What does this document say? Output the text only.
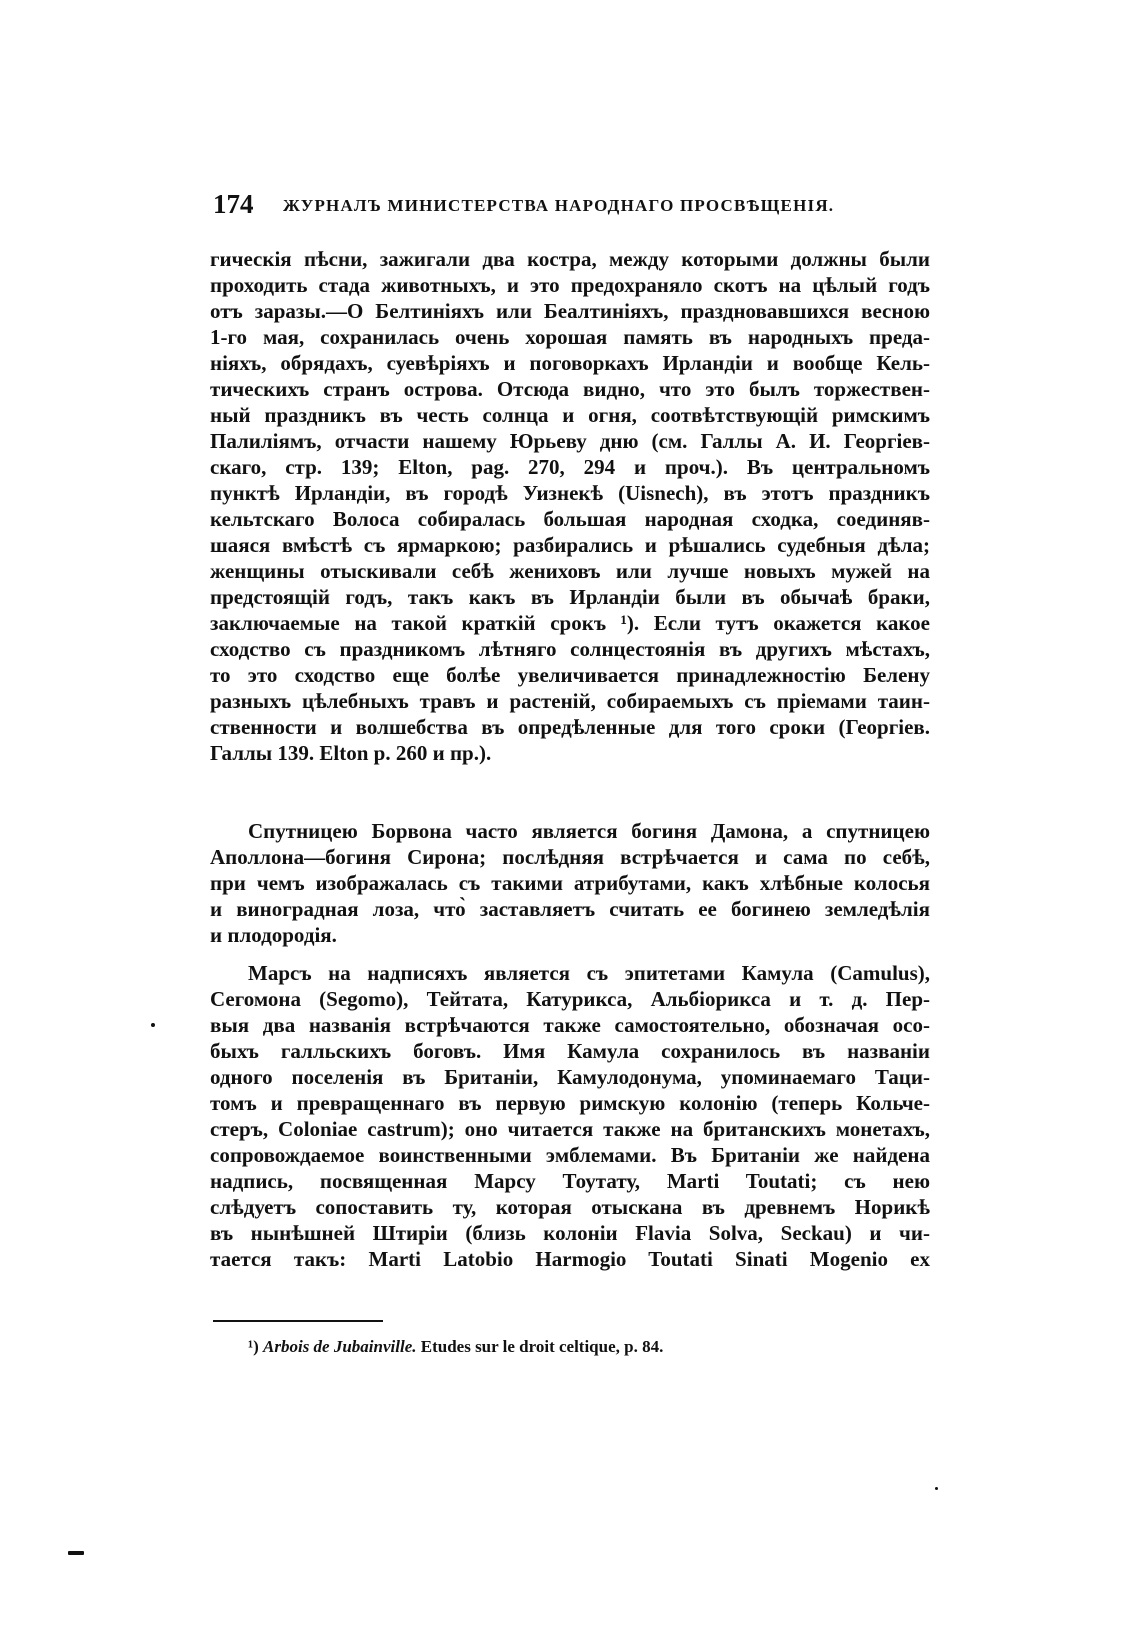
174 ЖУРНАЛЪ МИНИСТЕРСТВА НАРОДНАГО ПРОСВѢЩЕНІЯ.
гическія пѣсни, зажигали два костра, между которыми должны были
проходить стада животныхъ, и это предохраняло скотъ на цѣлый годъ
отъ заразы.—О Белтиніяхъ или Беалтиніяхъ, праздновавшихся весною
1-го мая, сохранилась очень хорошая память въ народныхъ преда-
ніяхъ, обрядахъ, суевѣріяхъ и поговоркахъ Ирландіи и вообще Кель-
тическихъ странъ острова. Отсюда видно, что это былъ торжествен-
ный праздникъ въ честь солнца и огня, соотвѣтствующій римскимъ
Палиліямъ, отчасти нашему Юрьеву дню (см. Галлы А. И. Георгіев-
скаго, стр. 139; Elton, pag. 270, 294 и проч.). Въ центральномъ
пунктѣ Ирландіи, въ городѣ Уизнекѣ (Uisnech), въ этотъ праздникъ
кельтскаго Волоса собиралась большая народная сходка, соединяв-
шаяся вмѣстѣ съ ярмаркою; разбирались и рѣшались судебныя дѣла;
женщины отыскивали себѣ жениховъ или лучше новыхъ мужей на
предстоящій годъ, такъ какъ въ Ирландіи были въ обычаѣ браки,
заключаемые на такой краткій срокъ ¹). Если тутъ окажется какое
сходство съ праздникомъ лѣтняго солнцестоянія въ другихъ мѣстахъ,
то это сходство еще болѣе увеличивается принадлежностію Белену
разныхъ цѣлебныхъ травъ и растеній, собираемыхъ съ пріемами таин-
ственности и волшебства въ опредѣленные для того сроки (Георгіев.
Галлы 139. Elton p. 260 и пр.).
Спутницею Борвона часто является богиня Дамона, а спутницею
Аполлона—богиня Сирона; послѣдняя встрѣчается и сама по себѣ,
при чемъ изображалась съ такими атрибутами, какъ хлѣбные колосья
и виноградная лоза, что̀ заставляетъ считать ее богинею земледѣлія
и плодородія.
Марсъ на надписяхъ является съ эпитетами Камула (Camulus),
Сегомона (Segomo), Тейтата, Катурикса, Альбіорикса и т. д. Пер-
выя два названія встрѣчаются также самостоятельно, обозначая осо-
быхъ галльскихъ боговъ. Имя Камула сохранилось въ названіи
одного поселенія въ Британіи, Камулодонума, упоминаемаго Таци-
томъ и превращеннаго въ первую римскую колонію (теперь Кольче-
стеръ, Coloniae castrum); оно читается также на британскихъ монетахъ,
сопровождаемое воинственными эмблемами. Въ Британіи же найдена
надпись, посвященная Марсу Тоутату, Marti Toutati; съ нею
слѣдуетъ сопоставить ту, которая отыскана въ древнемъ Норикѣ
въ нынѣшней Штиріи (близь колоніи Flavia Solva, Seckau) и чи-
тается такъ: Marti Latobio Harmogio Toutati Sinati Mogenio ex
¹) Arbois de Jubainville. Etudes sur le droit celtique, p. 84.
